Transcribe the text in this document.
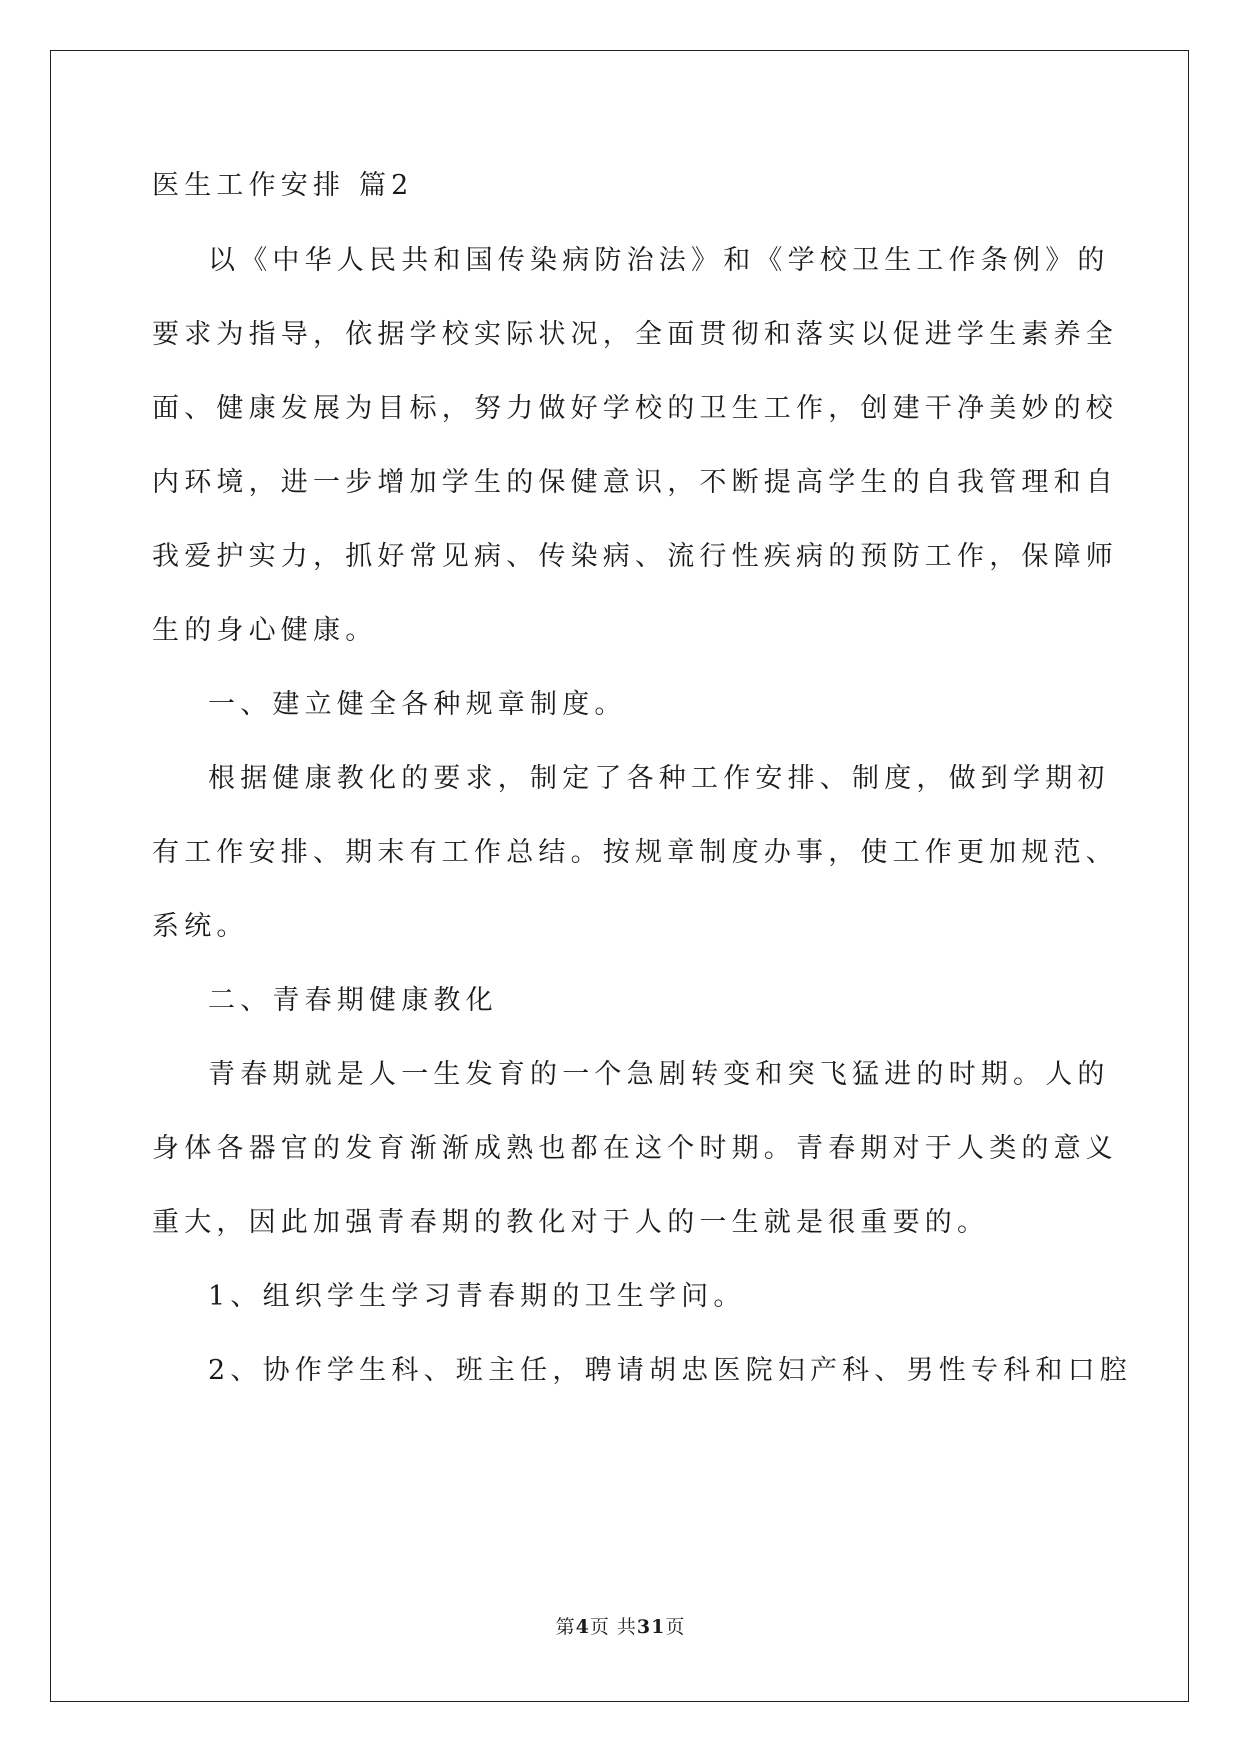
医生工作安排 篇2
以《中华人民共和国传染病防治法》和《学校卫生工作条例》的
要求为指导，依据学校实际状况，全面贯彻和落实以促进学生素养全
面、健康发展为目标，努力做好学校的卫生工作，创建干净美妙的校
内环境，进一步增加学生的保健意识，不断提高学生的自我管理和自
我爱护实力，抓好常见病、传染病、流行性疾病的预防工作，保障师
生的身心健康。
一、建立健全各种规章制度。
根据健康教化的要求，制定了各种工作安排、制度，做到学期初
有工作安排、期末有工作总结。按规章制度办事，使工作更加规范、
系统。
二、青春期健康教化
青春期就是人一生发育的一个急剧转变和突飞猛进的时期。人的
身体各器官的发育渐渐成熟也都在这个时期。青春期对于人类的意义
重大，因此加强青春期的教化对于人的一生就是很重要的。
1、组织学生学习青春期的卫生学问。
2、协作学生科、班主任，聘请胡忠医院妇产科、男性专科和口腔
第4页 共31页
